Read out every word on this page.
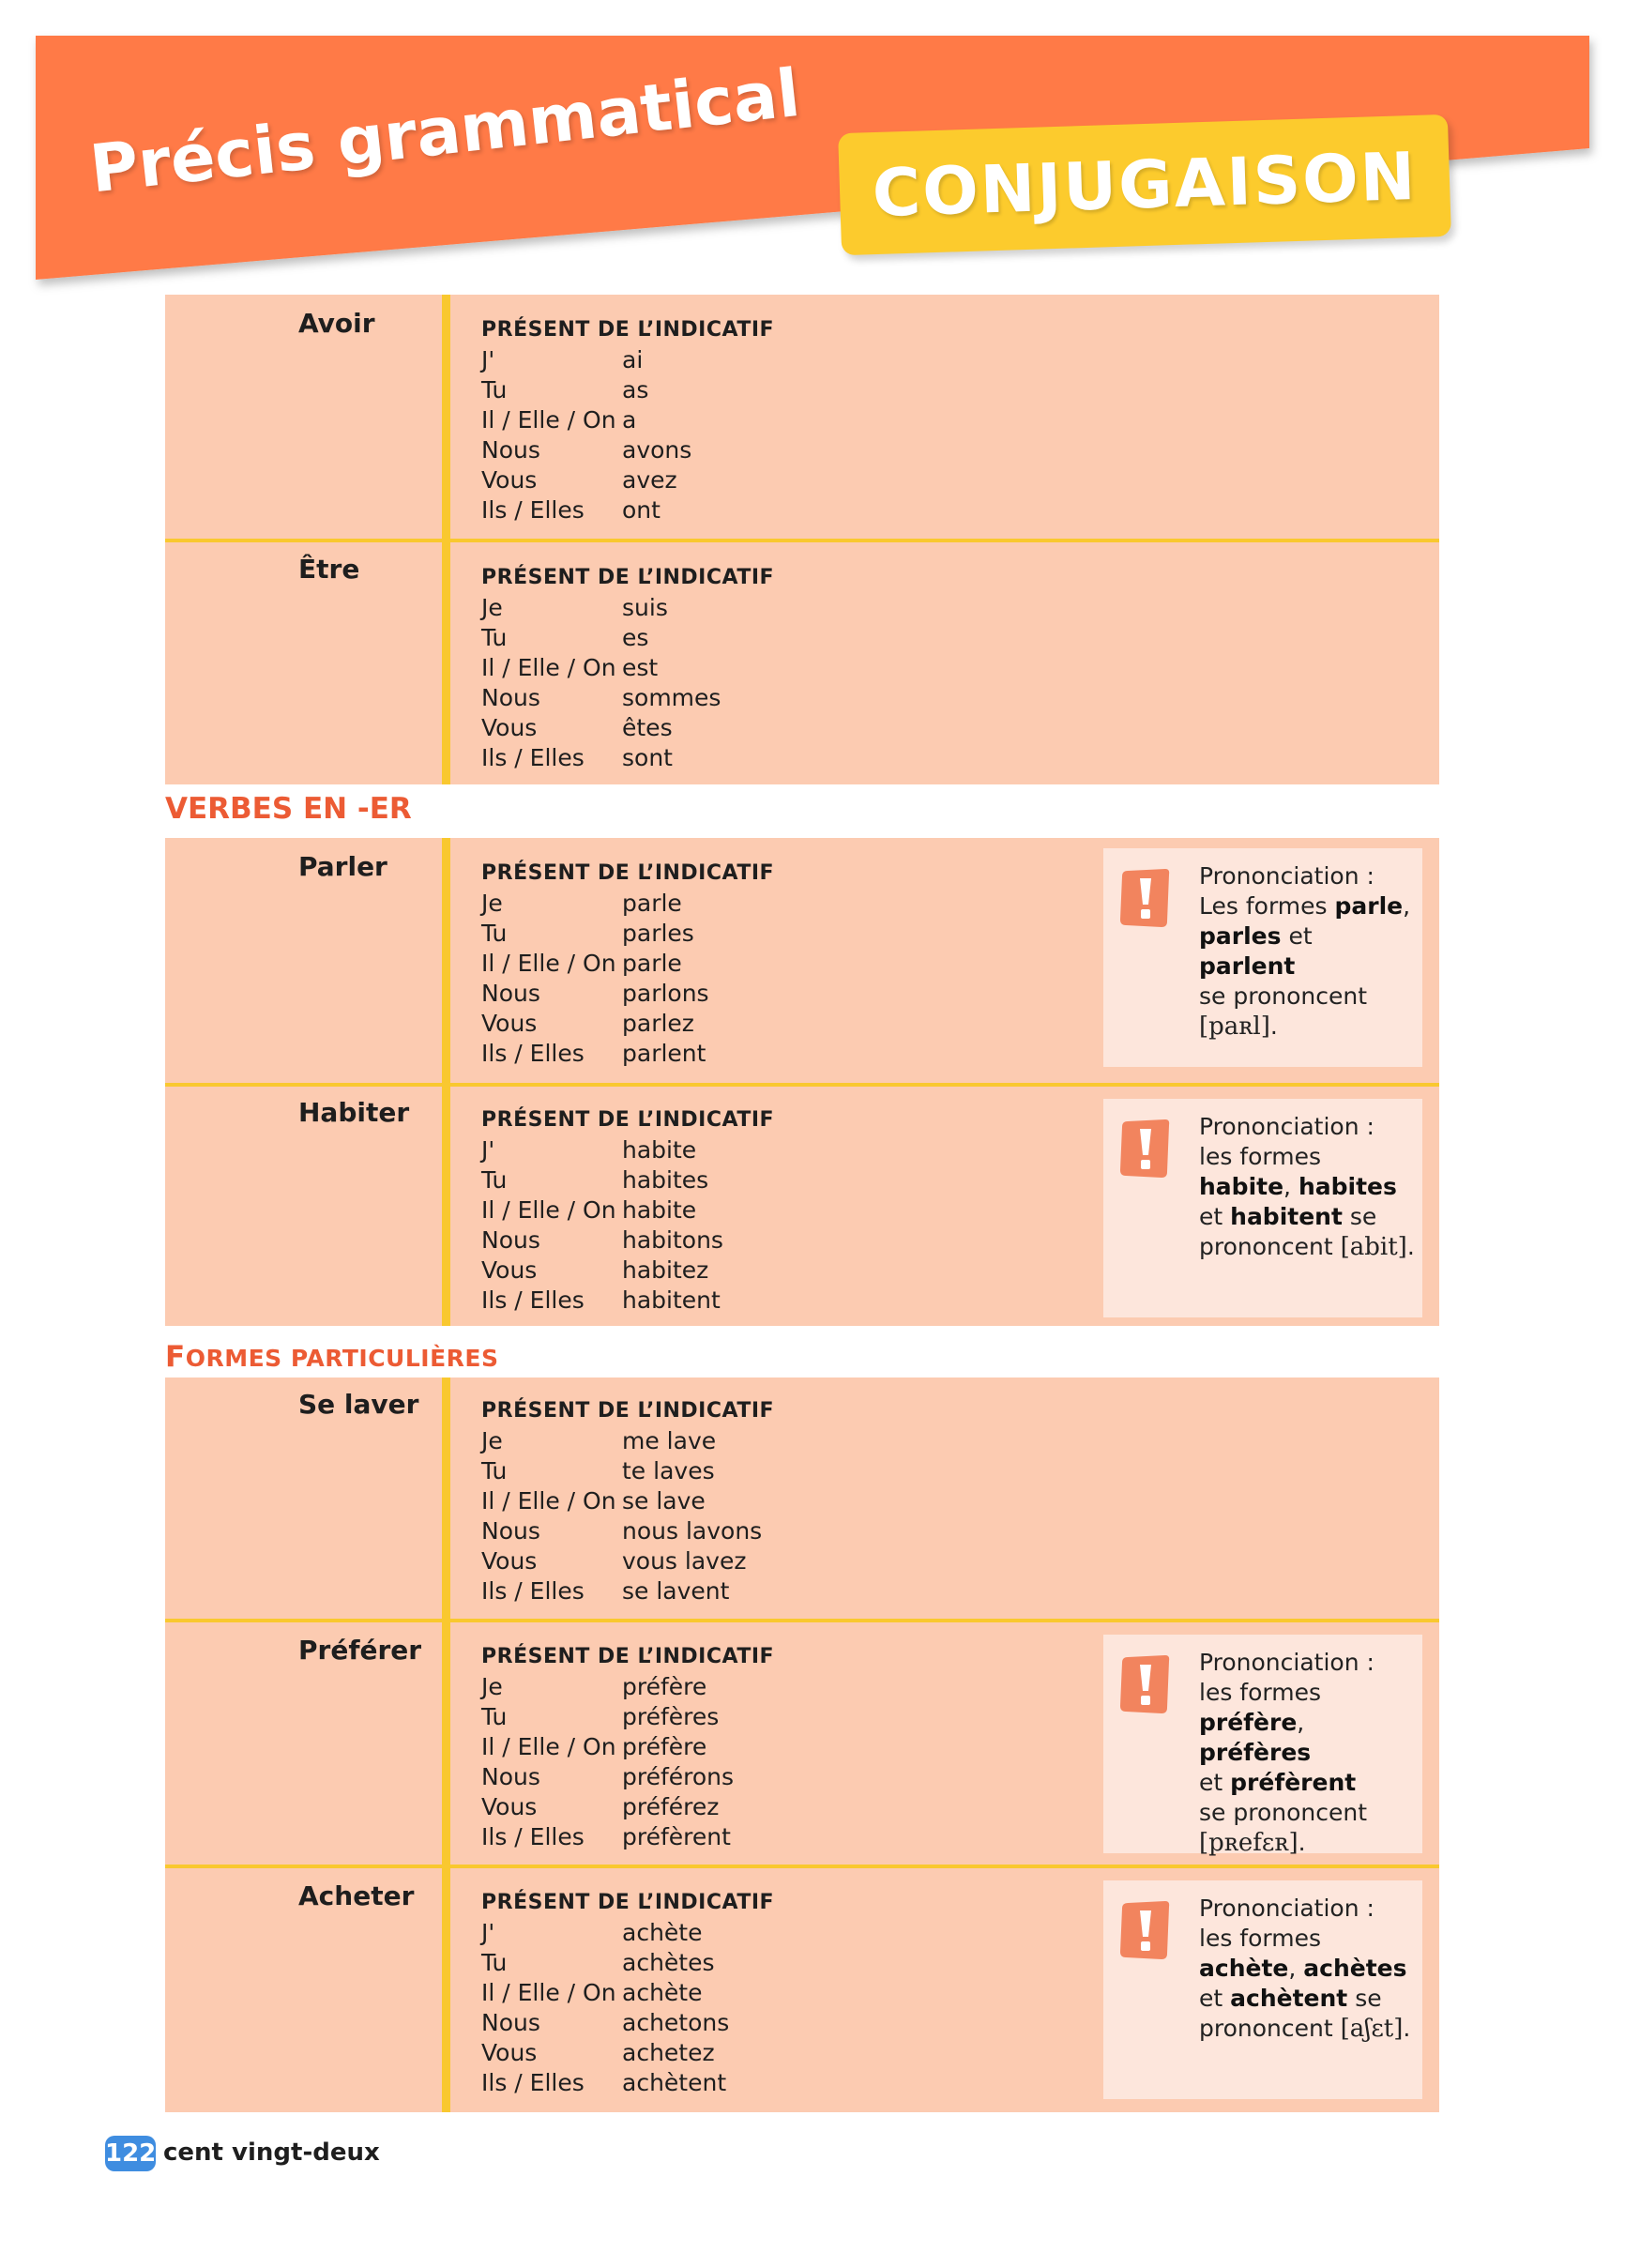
Précis grammatical	CONJUGAISON
Avoir	PRÉSENT DE L’INDICATIF
J'	ai
Tu	as
Il / Elle / On a
Nous	avons
Vous	avez
Ils / Elles ont
Être	PRÉSENT DE L’INDICATIF
Je	suis
Tu	es
Il / Elle / On est
Nous	sommes
Vous	êtes
Ils / Elles sont
VERBES EN -ER
Parler	PRÉSENT DE L’INDICATIF
Je	parle
Tu	parles
Il / Elle / On parle
Nous	parlons
Vous	parlez
Ils / Elles parlent
Prononciation :
Les formes parle,
parles et parlent
se prononcent
[paʀl].
Habiter	PRÉSENT DE L’INDICATIF
J'	habite
Tu	habites
Il / Elle / On habite
Nous	habitons
Vous	habitez
Ils / Elles habitent
Prononciation :
les formes
habite, habites
et habitent se
prononcent [abit].
FORMES PARTICULIÈRES
Se laver	PRÉSENT DE L’INDICATIF
Je	me lave
Tu	te laves
Il / Elle / On se lave
Nous	nous lavons
Vous	vous lavez
Ils / Elles se lavent
Préférer	PRÉSENT DE L’INDICATIF
Je	préfère
Tu	préfères
Il / Elle / On préfère
Nous	préférons
Vous	préférez
Ils / Elles préfèrent
Prononciation :
les formes
préfère, préfères
et préfèrent
se prononcent
[pʀefɛʀ].
Acheter	PRÉSENT DE L’INDICATIF
J'	achète
Tu	achètes
Il / Elle / On achète
Nous	achetons
Vous	achetez
Ils / Elles achètent
Prononciation :
les formes
achète, achètes
et achètent se
prononcent [aʃɛt].
122 cent vingt-deux
